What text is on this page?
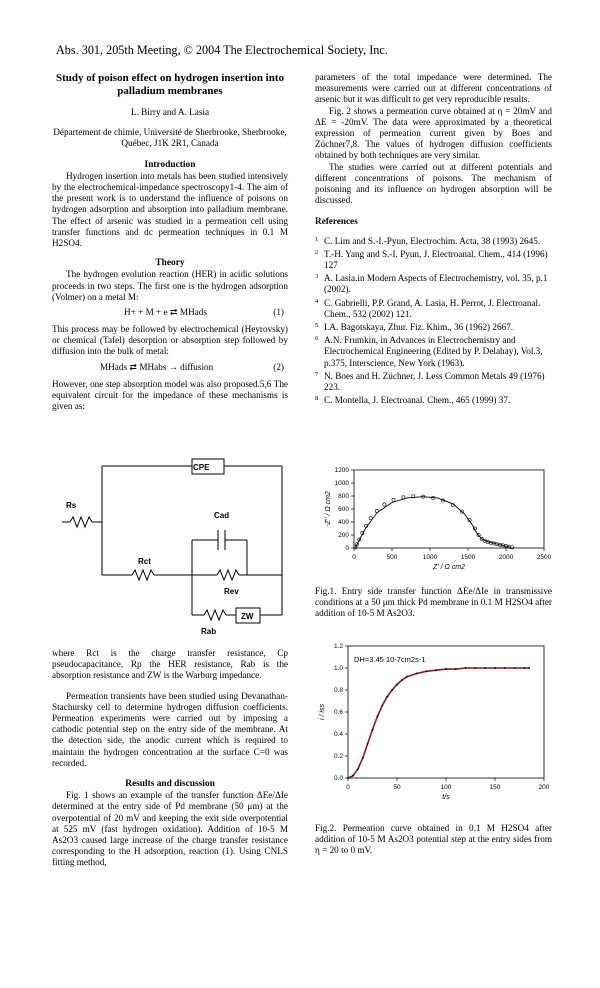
Abs. 301, 205th Meeting, © 2004 The Electrochemical Society, Inc.
Study of poison effect on hydrogen insertion into palladium membranes
L. Birry and A. Lasia
Département de chimie, Université de Sherbrooke, Sherbrooke, Québec, J1K 2R1, Canada
Introduction

Hydrogen insertion into metals has been studied intensively by the electrochemical-impedance spectroscopy1-4. The aim of the present work is to understand the influence of poisons on hydrogen adsorption and absorption into palladium membrane. The effect of arsenic was studied in a permeation cell using transfer functions and dc permeation techniques in 0.1 M H2SO4.

Theory

The hydrogen evolution reaction (HER) in acidic solutions proceeds in two steps. The first one is the hydrogen adsorption (Volmer) on a metal M:

H+ + M + e ⇄ MHads	(1)

This process may be followed by electrochemical (Heyrovsky) or chemical (Tafel) desorption or absorption step followed by diffusion into the bulk of metal:

MHads ⇄ MHabs → diffusion	(2)

However, one step absorption model was also proposed.5,6 The equivalent circuit for the impedance of these mechanisms is given as:

CPE
Rs
Cad
Rct
Rev
ZW
Rab

where Rct is the charge transfer resistance, Cp pseudocapacitance, Rp the HER resistance, Rab is the absorption resistance and ZW is the Warburg impedance.

Permeation transients have been studied using Devanathan-Stachursky cell to determine hydrogen diffusion coefficients. Permeation experiments were carried out by imposing a cathodic potential step on the entry side of the membrane. At the detection side, the anodic current which is required to maintain the hydrogen concentration at the surface C=0 was recorded.

Results and discussion

Fig. 1 shows an example of the transfer function ΔEe/ΔIe determined at the entry side of Pd membrane (50 μm) at the overpotential of 20 mV and keeping the exit side overpotential at 525 mV (fast hydrogen oxidation). Addition of 10-5 M As2O3 caused large increase of the charge transfer resistance corresponding to the H adsorption, reaction (1). Using CNLS fitting method,

parameters of the total impedance were determined. The measurements were carried out at different concentrations of arsenic but it was difficult to get very reproducible results.

Fig. 2 shows a permeation curve obtained at η = 20mV and ΔE = -20mV. The data were approximated by a theoretical expression of permeation current given by Boes and Züchner7,8. The values of hydrogen diffusion coefficients obtained by both techniques are very similar.

The studies were carried out at different potentials and different concentrations of poisons. The mechanism of poisoning and its influence on hydrogen absorption will be discussed.

References
1 C. Lim and S.-I.-Pyun, Electrochim. Acta, 38 (1993) 2645.
2 T.-H. Yang and S.-I. Pyun, J. Electroanal. Chem., 414 (1996) 127
3 A. Lasia.in Modern Aspects of Electrochemistry, vol. 35, p.1 (2002).
4 C. Gabrielli, P.P. Grand, A. Lasia, H. Perrot, J. Electroanal. Chem., 532 (2002) 121.
5 I.A. Bagotskaya, Zhur. Fiz. Khim., 36 (1962) 2667.
6 A.N. Frumkin, in Advances in Electrochemistry and Electrochemical Engineering (Edited by P. Delahay), Vol.3, p.375, Interscience, New York (1963).
7 N. Boes and H. Züchner, J. Less Common Metals 49 (1976) 223.
8 C. Montella, J. Electroanal. Chem., 465 (1999) 37.
0	500	1000	1500	2000	2500
0
200
400
600
800
1000
1200
Z' / Ω cm2
-Z'' / Ω cm2
Fig.1. Entry side transfer function ΔEe/ΔIe in transmissive conditions at a 50 μm thick Pd membrane in 0.1 M H2SO4 after addition of 10-5 M As2O3.
0	50	100	150	200
0.0
0.2
0.4
0.6
0.8
1.0
1.2
t/s
i / iss
DH=3.45 10-7cm2s-1
Fig.2. Permeation curve obtained in 0.1 M H2SO4 after addition of 10-5 M As2O3 potential step at the entry sides from η = 20 to 0 mV.
